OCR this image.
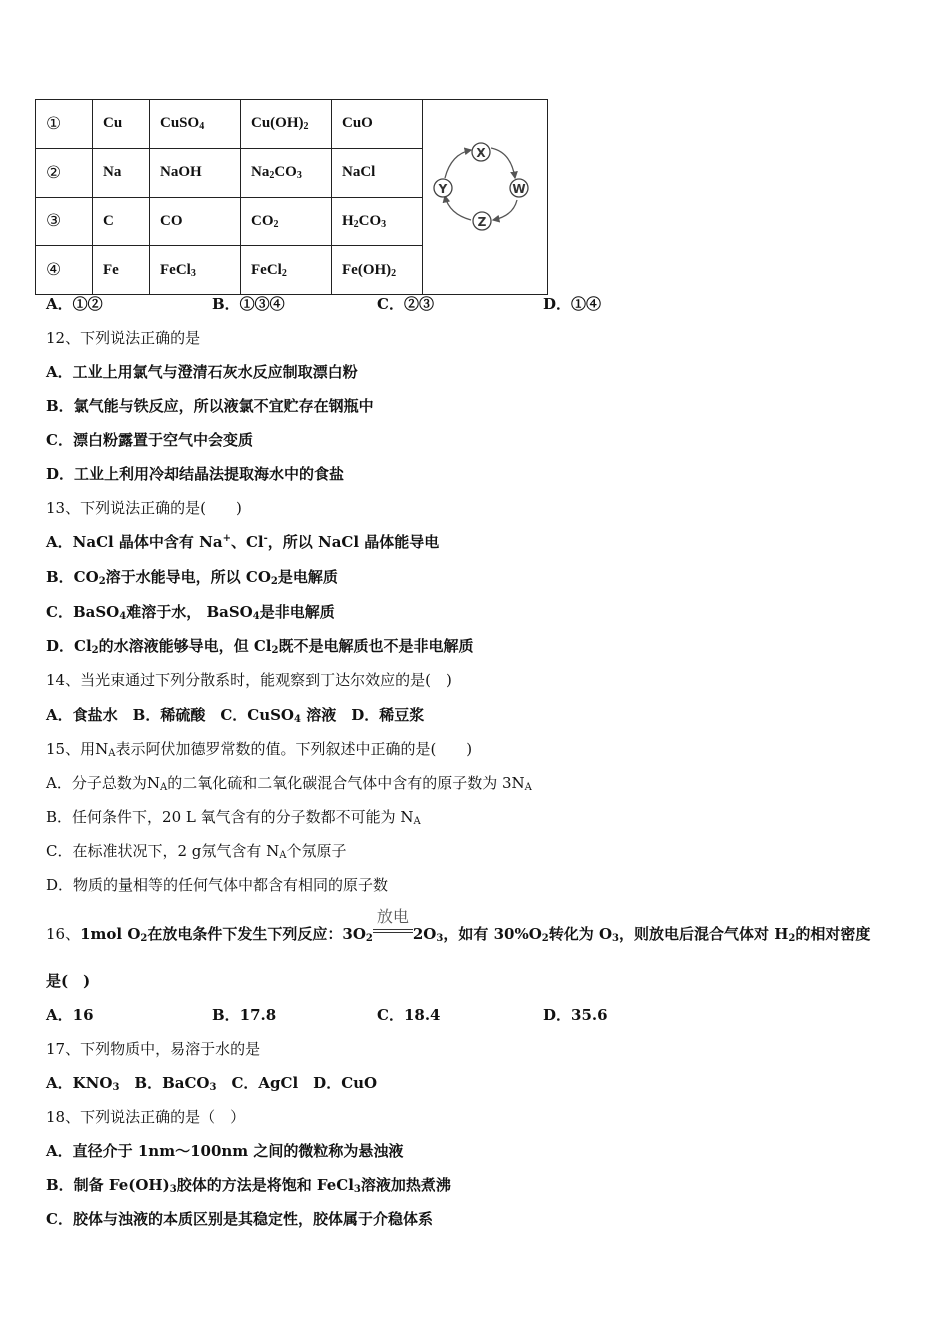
①	Cu	CuSO$_4$	$Cu(OH)_2$	CuO	X
W
Z
Y

②	Na	NaOH	$Na_2CO_3$	NaCl	
③	C	CO	$CO_2$	$H_2CO_3$
④	Fe	FeCl$_3$	FeCl$_2$	$Fe(OH)_2$
A．①②	B．①③④	C．②③	D．①④
12、下列说法正确的是
A．工业上用氯气与澄清石灰水反应制取漂白粉
B．氯气能与铁反应，所以液氯不宜贮存在钢瓶中
C．漂白粉露置于空气中会变质
D．工业上利用冷却结晶法提取海水中的食盐
13、下列说法正确的是(　　)
A．NaCl 晶体中含有 Na+、Cl-，所以 NaCl 晶体能导电
B．$CO_2$溶于水能导电，所以 $CO_2$是电解质
C．BaSO$_4$难溶于水， BaSO$_4$是非电解质
D．$Cl_2$的水溶液能够导电，但 $Cl_2$既不是电解质也不是非电解质
14、当光束通过下列分散系时，能观察到丁达尔效应的是(　)
A．食盐水　B．稀硫酸　C．CuSO$_4$ 溶液　D．稀豆浆
15、用$N_A$表示阿伏加德罗常数的值。下列叙述中正确的是(　　)
A．分子总数为$N_A$的二氧化硫和二氧化碳混合气体中含有的原子数为 $3N_A$
B．任何条件下，20 L 氧气含有的分子数都不可能为 $N_A$
C．在标准状况下，2 g氖气含有 $N_A$个氖原子
D．物质的量相等的任何气体中都含有相同的原子数
16、1mol $O_2$在放电条件下发生下列反应：$3O_2$
放电
$2O_3$，如有 $30\%O_2$转化为 $O_3$，则放电后混合气体对 $H_2$的相对密度
是(　)
A．16	B．17.8	C．18.4	D．35.6
17、下列物质中，易溶于水的是
A．$KNO_3$　B．BaCO$_3$　C．AgCl　D．CuO
18、下列说法正确的是（　）
A．直径介于 1nm～100nm 之间的微粒称为悬浊液
B．制备 $Fe(OH)_3$胶体的方法是将饱和 FeCl$_3$溶液加热煮沸
C．胶体与浊液的本质区别是其稳定性，胶体属于介稳体系
